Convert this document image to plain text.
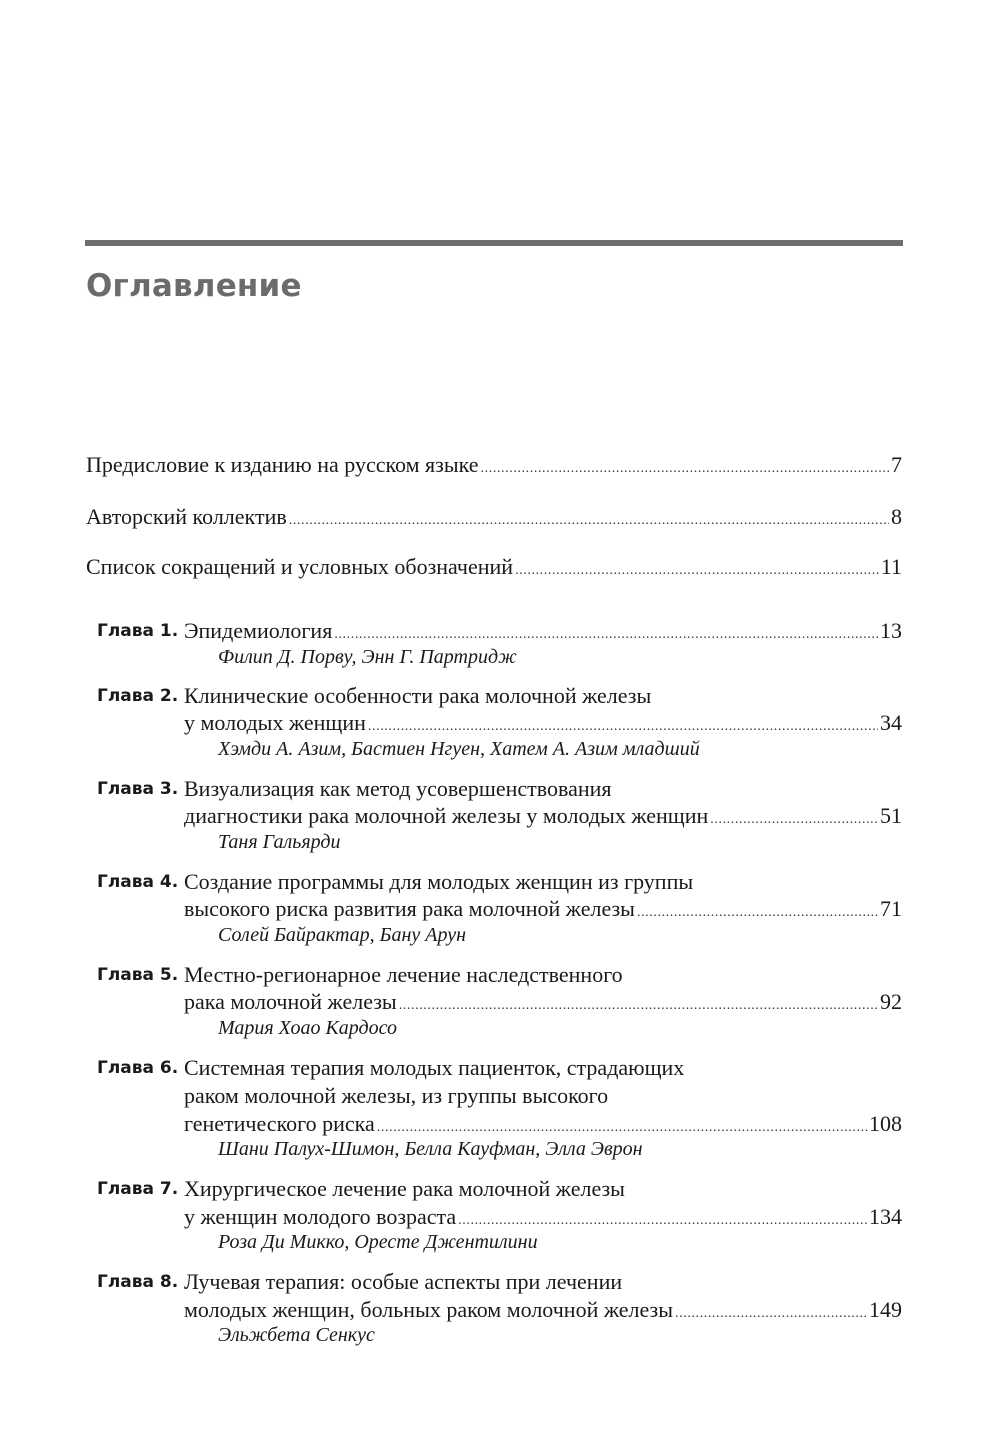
Оглавление
Предисловие к изданию на русском языке .....	7
Авторский коллектив .....	8
Список сокращений и условных обозначений .....	11
Глава 1. Эпидемиология .....	13
Филип Д. Порву, Энн Г. Партридж
Глава 2. Клинические особенности рака молочной железы
у молодых женщин .....	34
Хэмди А. Азим, Бастиен Нгуен, Хатем А. Азим младший
Глава 3. Визуализация как метод усовершенствования
диагностики рака молочной железы у молодых женщин .....	51
Таня Гальярди
Глава 4. Создание программы для молодых женщин из группы
высокого риска развития рака молочной железы .....	71
Солей Байрактар, Бану Арун
Глава 5. Местно-регионарное лечение наследственного
рака молочной железы .....	92
Мария Хоао Кардосо
Глава 6. Системная терапия молодых пациенток, страдающих
раком молочной железы, из группы высокого
генетического риска .....	108
Шани Палух-Шимон, Белла Кауфман, Элла Эврон
Глава 7. Хирургическое лечение рака молочной железы
у женщин молодого возраста .....	134
Роза Ди Микко, Оресте Джентилини
Глава 8. Лучевая терапия: особые аспекты при лечении
молодых женщин, больных раком молочной железы .....	149
Эльжбета Сенкус
